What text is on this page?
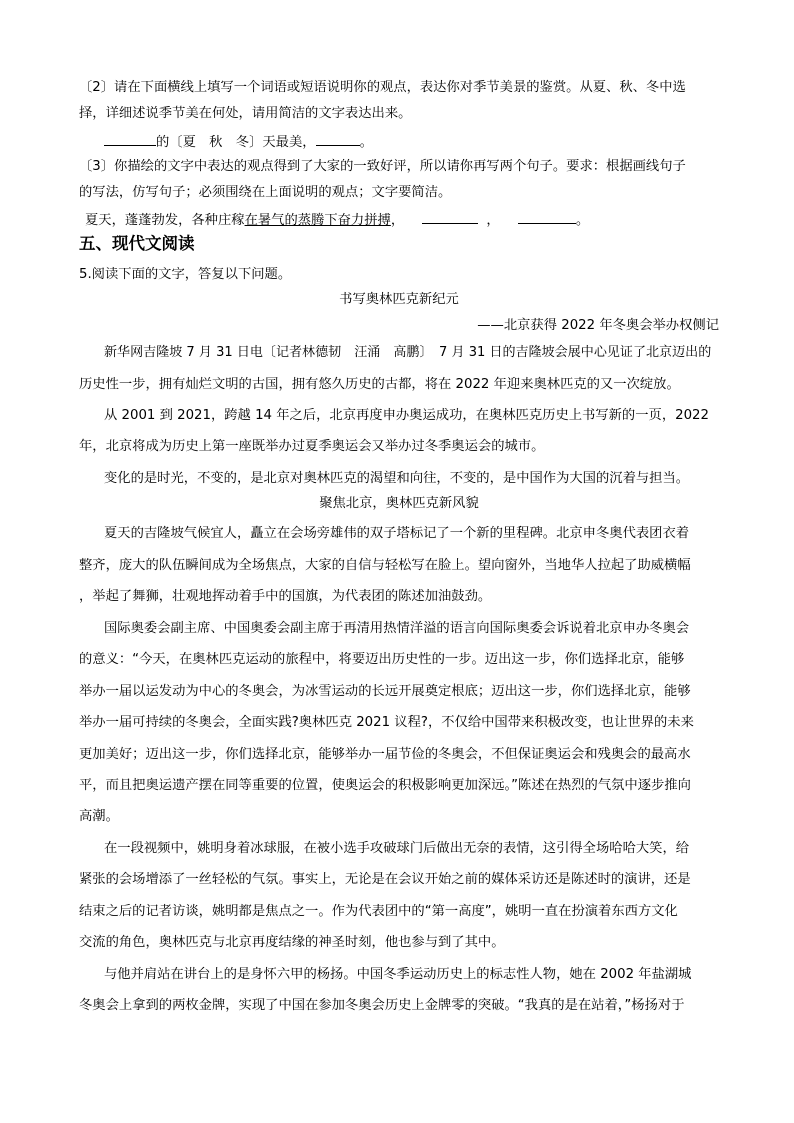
〔2〕请在下面横线上填写一个词语或短语说明你的观点，表达你对季节美景的鉴赏。从夏、秋、冬中选
择，详细述说季节美在何处，请用简洁的文字表达出来。
的〔夏　秋　冬〕天最美，	。
〔3〕你描绘的文字中表达的观点得到了大家的一致好评，所以请你再写两个句子。要求：根据画线句子
的写法，仿写句子；必须围绕在上面说明的观点；文字要简洁。
夏天，蓬蓬勃发，各种庄稼在暑气的蒸腾下奋力拼搏，	，	。
五、现代文阅读
5.阅读下面的文字，答复以下问题。
书写奥林匹克新纪元
——北京获得 2022 年冬奥会举办权侧记
新华网吉隆坡 7 月 31 日电〔记者林德韧　汪涌　高鹏〕　7 月 31 日的吉隆坡会展中心见证了北京迈出的
历史性一步，拥有灿烂文明的古国，拥有悠久历史的古都，将在 2022 年迎来奥林匹克的又一次绽放。
从 2001 到 2021，跨越 14 年之后，北京再度申办奥运成功，在奥林匹克历史上书写新的一页，2022
年，北京将成为历史上第一座既举办过夏季奥运会又举办过冬季奥运会的城市。
变化的是时光，不变的，是北京对奥林匹克的渴望和向往，不变的，是中国作为大国的沉着与担当。
聚焦北京，奥林匹克新风貌
夏天的吉隆坡气候宜人，矗立在会场旁雄伟的双子塔标记了一个新的里程碑。北京申冬奥代表团衣着
整齐，庞大的队伍瞬间成为全场焦点，大家的自信与轻松写在脸上。望向窗外，当地华人拉起了助威横幅
，举起了舞狮，壮观地挥动着手中的国旗，为代表团的陈述加油鼓劲。
国际奥委会副主席、中国奥委会副主席于再清用热情洋溢的语言向国际奥委会诉说着北京申办冬奥会
的意义：“今天，在奥林匹克运动的旅程中，将要迈出历史性的一步。迈出这一步，你们选择北京，能够
举办一届以运发动为中心的冬奥会，为冰雪运动的长远开展奠定根底；迈出这一步，你们选择北京，能够
举办一届可持续的冬奥会，全面实践?奥林匹克 2021 议程?，不仅给中国带来积极改变，也让世界的未来
更加美好；迈出这一步，你们选择北京，能够举办一届节俭的冬奥会，不但保证奥运会和残奥会的最高水
平，而且把奥运遗产摆在同等重要的位置，使奥运会的积极影响更加深远。”陈述在热烈的气氛中逐步推向
高潮。
在一段视频中，姚明身着冰球服，在被小选手攻破球门后做出无奈的表情，这引得全场哈哈大笑，给
紧张的会场增添了一丝轻松的气氛。事实上，无论是在会议开始之前的媒体采访还是陈述时的演讲，还是
结束之后的记者访谈，姚明都是焦点之一。作为代表团中的“第一高度”，姚明一直在扮演着东西方文化
交流的角色，奥林匹克与北京再度结缘的神圣时刻，他也参与到了其中。
与他并肩站在讲台上的是身怀六甲的杨扬。中国冬季运动历史上的标志性人物，她在 2002 年盐湖城
冬奥会上拿到的两枚金牌，实现了中国在参加冬奥会历史上金牌零的突破。“我真的是在站着，”杨扬对于
